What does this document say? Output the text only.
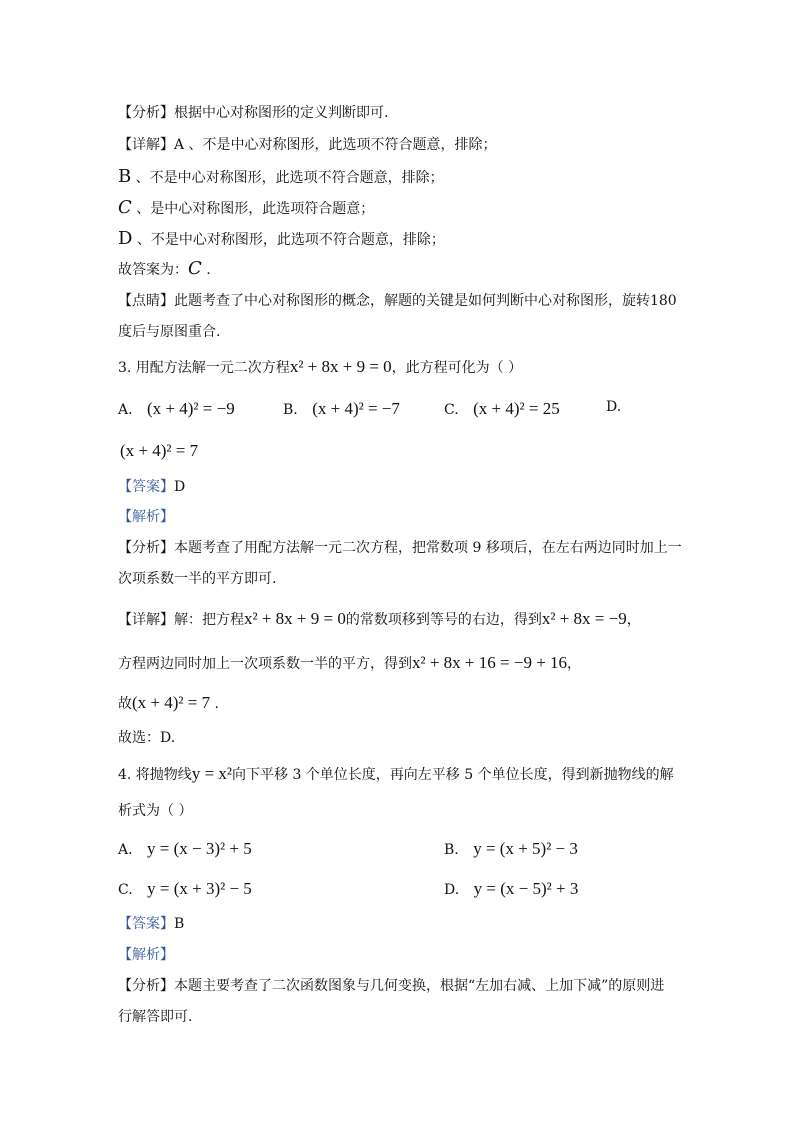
【分析】根据中心对称图形的定义判断即可.
【详解】A 、不是中心对称图形，此选项不符合题意，排除；
B 、不是中心对称图形，此选项不符合题意，排除；
C 、是中心对称图形，此选项符合题意；
D 、不是中心对称图形，此选项不符合题意，排除；
故答案为：C .
【点睛】此题考查了中心对称图形的概念，解题的关键是如何判断中心对称图形，旋转180
度后与原图重合.
3. 用配方法解一元二次方程x² + 8x + 9 = 0，此方程可化为（ ）
A. (x + 4)² = −9	B. (x + 4)² = −7	C. (x + 4)² = 25	D.
(x + 4)² = 7
【答案】D
【解析】
【分析】本题考查了用配方法解一元二次方程，把常数项 9 移项后，在左右两边同时加上一
次项系数一半的平方即可.
【详解】解：把方程x² + 8x + 9 = 0的常数项移到等号的右边，得到x² + 8x = −9，
方程两边同时加上一次项系数一半的平方，得到x² + 8x + 16 = −9 + 16，
故(x + 4)² = 7 .
故选：D.
4. 将抛物线y = x²向下平移 3 个单位长度，再向左平移 5 个单位长度，得到新抛物线的解
析式为（ ）
A. y = (x − 3)² + 5	B. y = (x + 5)² − 3
C. y = (x + 3)² − 5	D. y = (x − 5)² + 3
【答案】B
【解析】
【分析】本题主要考查了二次函数图象与几何变换，根据“左加右减、上加下减”的原则进
行解答即可.
